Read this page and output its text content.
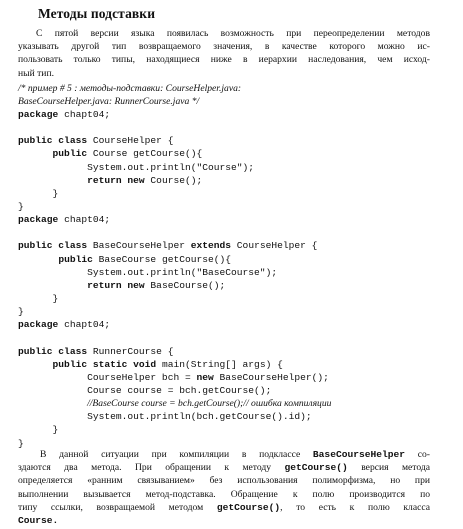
Методы подставки
С пятой версии языка появилась возможность при переопределении методов
указывать другой тип возвращаемого значения, в качестве которого можно ис-
пользовать только типы, находящиеся ниже в иерархии наследования, чем исход-
ный тип.
/* пример # 5 : методы-подставки: CourseHelper.java:
BaseCourseHelper.java: RunnerCourse.java */
package chapt04;

public class CourseHelper {
public Course getCourse(){
System.out.println("Course");
return new Course();
}
}
package chapt04;

public class BaseCourseHelper extends CourseHelper {
public BaseCourse getCourse(){
System.out.println("BaseCourse");
return new BaseCourse();
}
}
package chapt04;

public class RunnerCourse {
public static void main(String[] args) {
CourseHelper bch = new BaseCourseHelper();
Course course = bch.getCourse();
//BaseCourse course = bch.getCourse();// ошибка компиляции
System.out.println(bch.getCourse().id);
}
}
В данной ситуации при компиляции в подклассе BaseCourseHelper со-
здаются два метода. При обращении к методу getCourse() версия метода
определяется «ранним связыванием» без использования полиморфизма, но при
выполнении вызывается метод-подставка. Обращение к полю производится по
типу ссылки, возвращаемой методом getCourse(), то есть к полю класса
Course.
